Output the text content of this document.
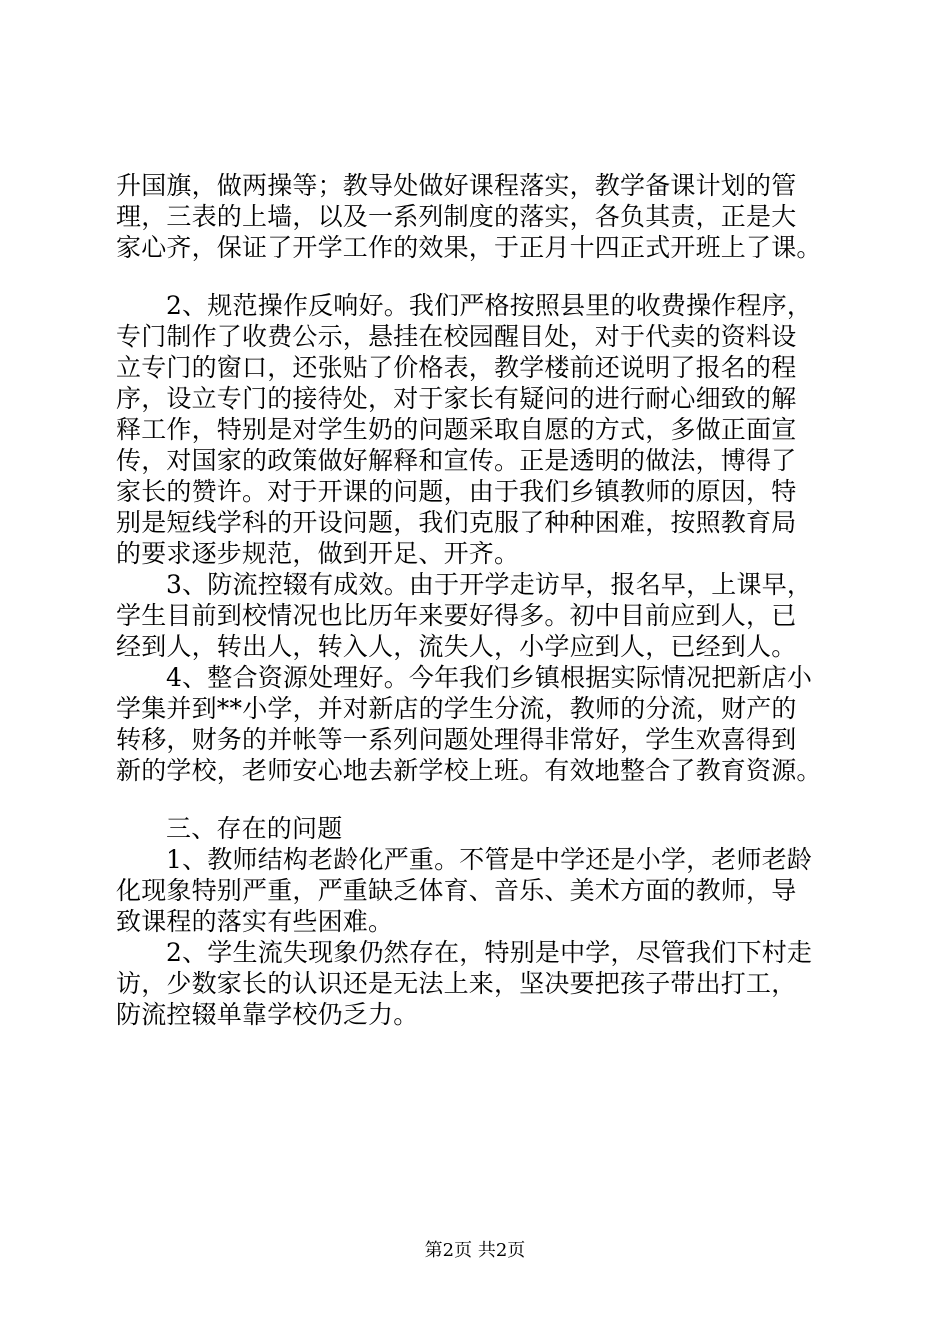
升国旗，做两操等；教导处做好课程落实，教学备课计划的管
理，三表的上墙，以及一系列制度的落实，各负其责，正是大
家心齐，保证了开学工作的效果，于正月十四正式开班上了课。
2、规范操作反响好。我们严格按照县里的收费操作程序，
专门制作了收费公示，悬挂在校园醒目处，对于代卖的资料设
立专门的窗口，还张贴了价格表，教学楼前还说明了报名的程
序，设立专门的接待处，对于家长有疑问的进行耐心细致的解
释工作，特别是对学生奶的问题采取自愿的方式，多做正面宣
传，对国家的政策做好解释和宣传。正是透明的做法，博得了
家长的赞许。对于开课的问题，由于我们乡镇教师的原因，特
别是短线学科的开设问题，我们克服了种种困难，按照教育局
的要求逐步规范，做到开足、开齐。
3、防流控辍有成效。由于开学走访早，报名早，上课早，
学生目前到校情况也比历年来要好得多。初中目前应到人，已
经到人，转出人，转入人，流失人，小学应到人，已经到人。
4、整合资源处理好。今年我们乡镇根据实际情况把新店小
学集并到**小学，并对新店的学生分流，教师的分流，财产的
转移，财务的并帐等一系列问题处理得非常好，学生欢喜得到
新的学校，老师安心地去新学校上班。有效地整合了教育资源。
三、存在的问题
1、教师结构老龄化严重。不管是中学还是小学，老师老龄
化现象特别严重，严重缺乏体育、音乐、美术方面的教师，导
致课程的落实有些困难。
2、学生流失现象仍然存在，特别是中学，尽管我们下村走
访，少数家长的认识还是无法上来，坚决要把孩子带出打工，
防流控辍单靠学校仍乏力。
第2页 共2页
